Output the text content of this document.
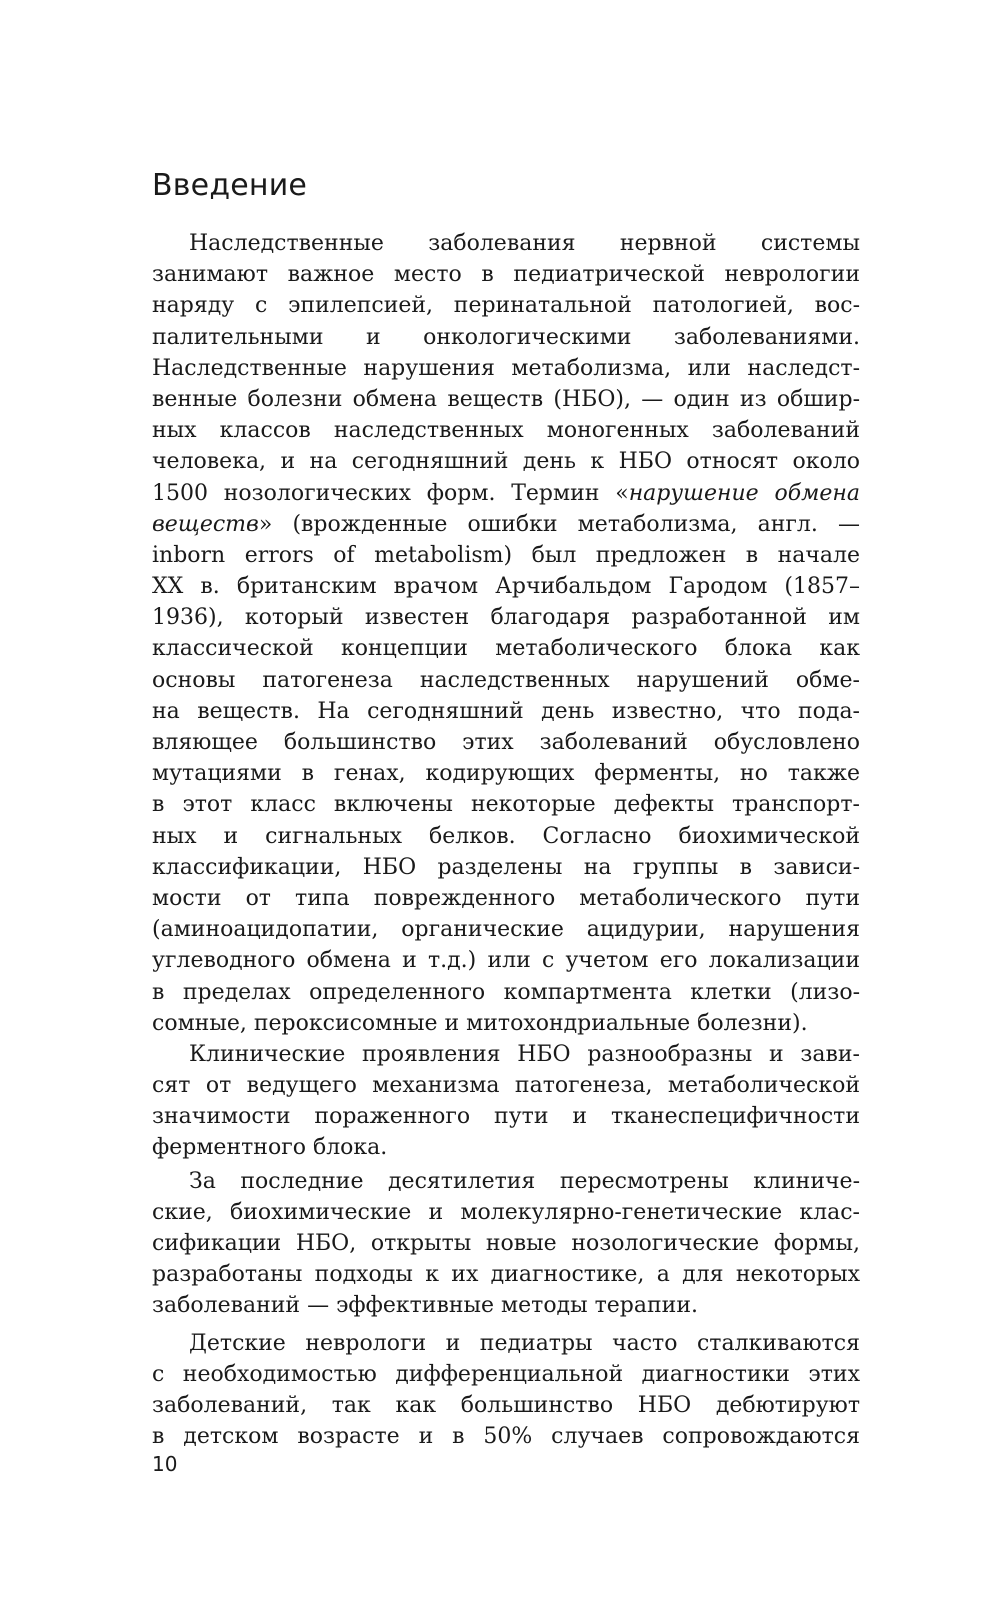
Введение
Наследственные заболевания нервной системы
занимают важное место в педиатрической неврологии
наряду с эпилепсией, перинатальной патологией, вос-
палительными и онкологическими заболеваниями.
Наследственные нарушения метаболизма, или наследст-
венные болезни обмена веществ (НБО), — один из обшир-
ных классов наследственных моногенных заболеваний
человека, и на сегодняшний день к НБО относят около
1500 нозологических форм. Термин «нарушение обмена
веществ» (врожденные ошибки метаболизма, англ. —
inborn errors of metabolism) был предложен в начале
XX в. британским врачом Арчибальдом Гародом (1857–
1936), который известен благодаря разработанной им
классической концепции метаболического блока как
основы патогенеза наследственных нарушений обме-
на веществ. На сегодняшний день известно, что пода-
вляющее большинство этих заболеваний обусловлено
мутациями в генах, кодирующих ферменты, но также
в этот класс включены некоторые дефекты транспорт-
ных и сигнальных белков. Согласно биохимической
классификации, НБО разделены на группы в зависи-
мости от типа поврежденного метаболического пути
(аминоацидопатии, органические ацидурии, нарушения
углеводного обмена и т.д.) или с учетом его локализации
в пределах определенного компартмента клетки (лизо-
сомные, пероксисомные и митохондриальные болезни).
Клинические проявления НБО разнообразны и зави-
сят от ведущего механизма патогенеза, метаболической
значимости пораженного пути и тканеспецифичности
ферментного блока.
За последние десятилетия пересмотрены клиниче-
ские, биохимические и молекулярно-генетические клас-
сификации НБО, открыты новые нозологические формы,
разработаны подходы к их диагностике, а для некоторых
заболеваний — эффективные методы терапии.
Детские неврологи и педиатры часто сталкиваются
с необходимостью дифференциальной диагностики этих
заболеваний, так как большинство НБО дебютируют
в детском возрасте и в 50% случаев сопровождаются
10
